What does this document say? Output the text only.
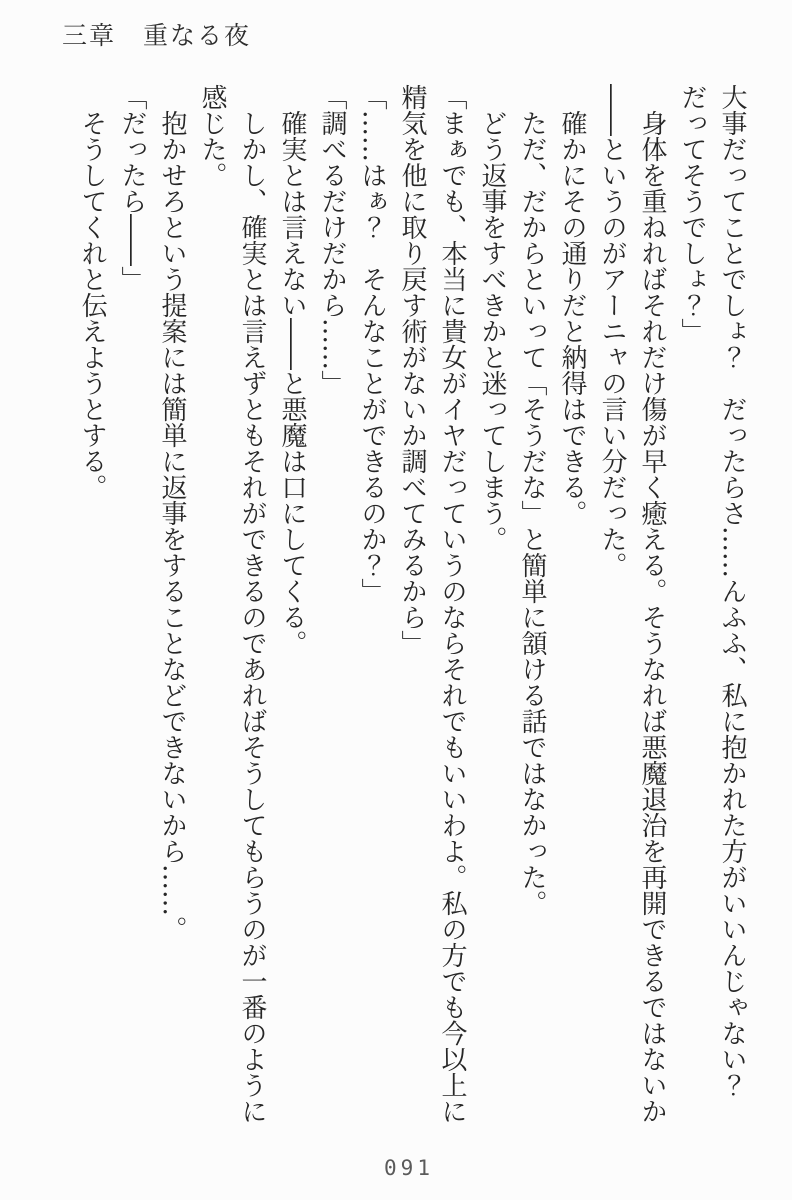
三章　重なる夜

大事だってことでしょ？　だったらさ……んふふ、私に抱かれた方がいいんじゃない？

だってそうでしょ？」

身体を重ねればそれだけ傷が早く癒える。そうなれば悪魔退治を再開できるではないか

――というのがアーニャの言い分だった。

確かにその通りだと納得はできる。

ただ、だからといって「そうだな」と簡単に頷ける話ではなかった。

どう返事をすべきかと迷ってしまう。

「まぁでも、本当に貴女がイヤだっていうのならそれでもいいわよ。私の方でも今以上に

精気を他に取り戻す術がないか調べてみるから」

「……はぁ？　そんなことができるのか？」

「調べるだけだから……」

確実とは言えない――と悪魔は口にしてくる。

しかし、確実とは言えずともそれができるのであればそうしてもらうのが一番のように

感じた。

抱かせろという提案には簡単に返事をすることなどできないから……。

「だったら――」

そうしてくれと伝えようとする。

091
